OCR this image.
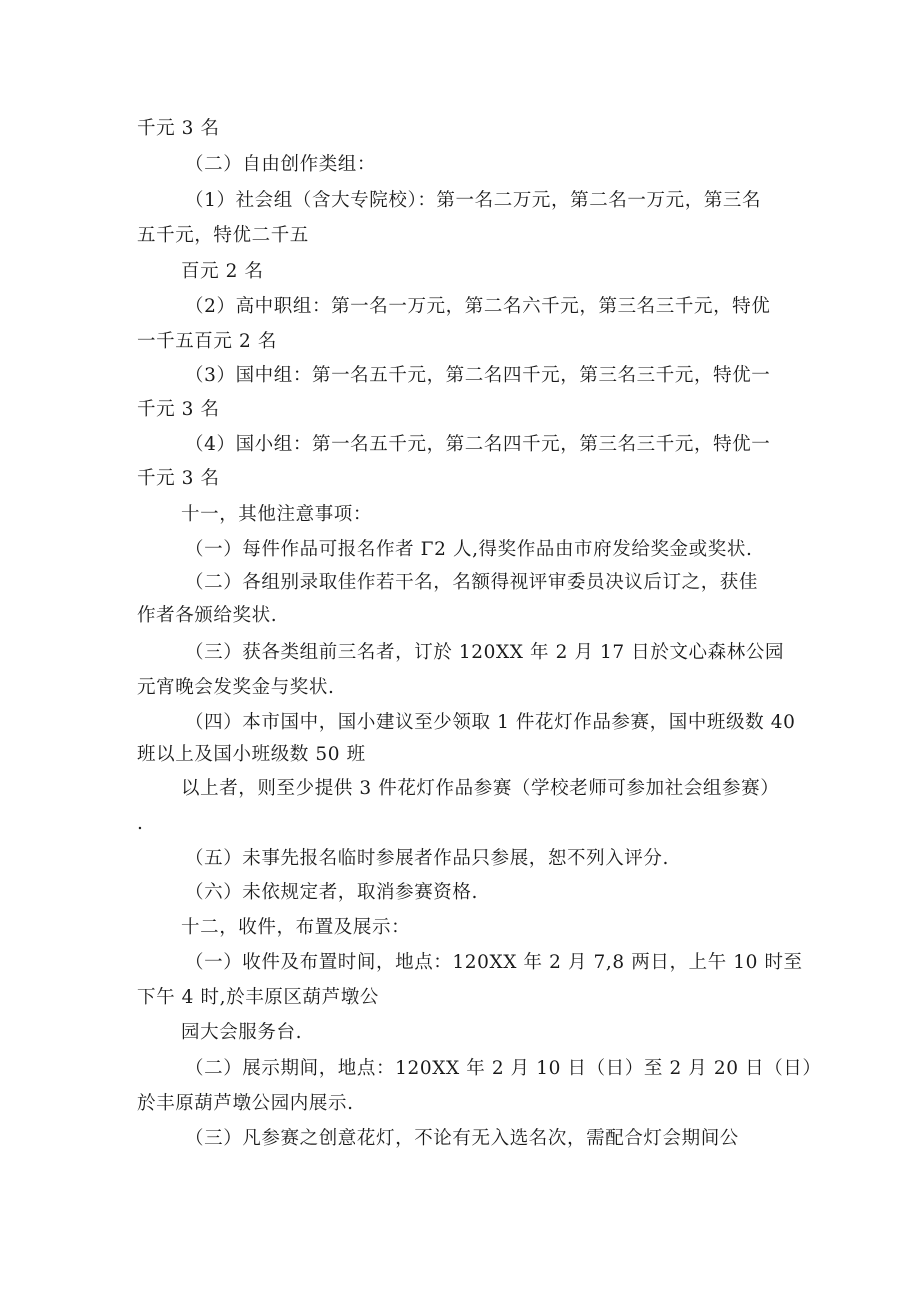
千元 3 名
（二）自由创作类组：
（1）社会组（含大专院校）：第一名二万元，第二名一万元，第三名
五千元，特优二千五
百元 2 名
（2）高中职组：第一名一万元，第二名六千元，第三名三千元，特优
一千五百元 2 名
（3）国中组：第一名五千元，第二名四千元，第三名三千元，特优一
千元 3 名
（4）国小组：第一名五千元，第二名四千元，第三名三千元，特优一
千元 3 名
十一，其他注意事项：
（一）每件作品可报名作者 Γ2 人,得奖作品由市府发给奖金或奖状.
（二）各组别录取佳作若干名，名额得视评审委员决议后订之，获佳
作者各颁给奖状.
（三）获各类组前三名者，订於 120XX 年 2 月 17 日於文心森林公园
元宵晚会发奖金与奖状.
（四）本市国中，国小建议至少领取 1 件花灯作品参赛，国中班级数 40
班以上及国小班级数 50 班
以上者，则至少提供 3 件花灯作品参赛（学校老师可参加社会组参赛）
.
（五）未事先报名临时参展者作品只参展，恕不列入评分.
（六）未依规定者，取消参赛资格.
十二，收件，布置及展示：
（一）收件及布置时间，地点：120XX 年 2 月 7,8 两日，上午 10 时至
下午 4 时,於丰原区葫芦墩公
园大会服务台.
（二）展示期间，地点：120XX 年 2 月 10 日（日）至 2 月 20 日（日）
於丰原葫芦墩公园内展示.
（三）凡参赛之创意花灯，不论有无入选名次，需配合灯会期间公
